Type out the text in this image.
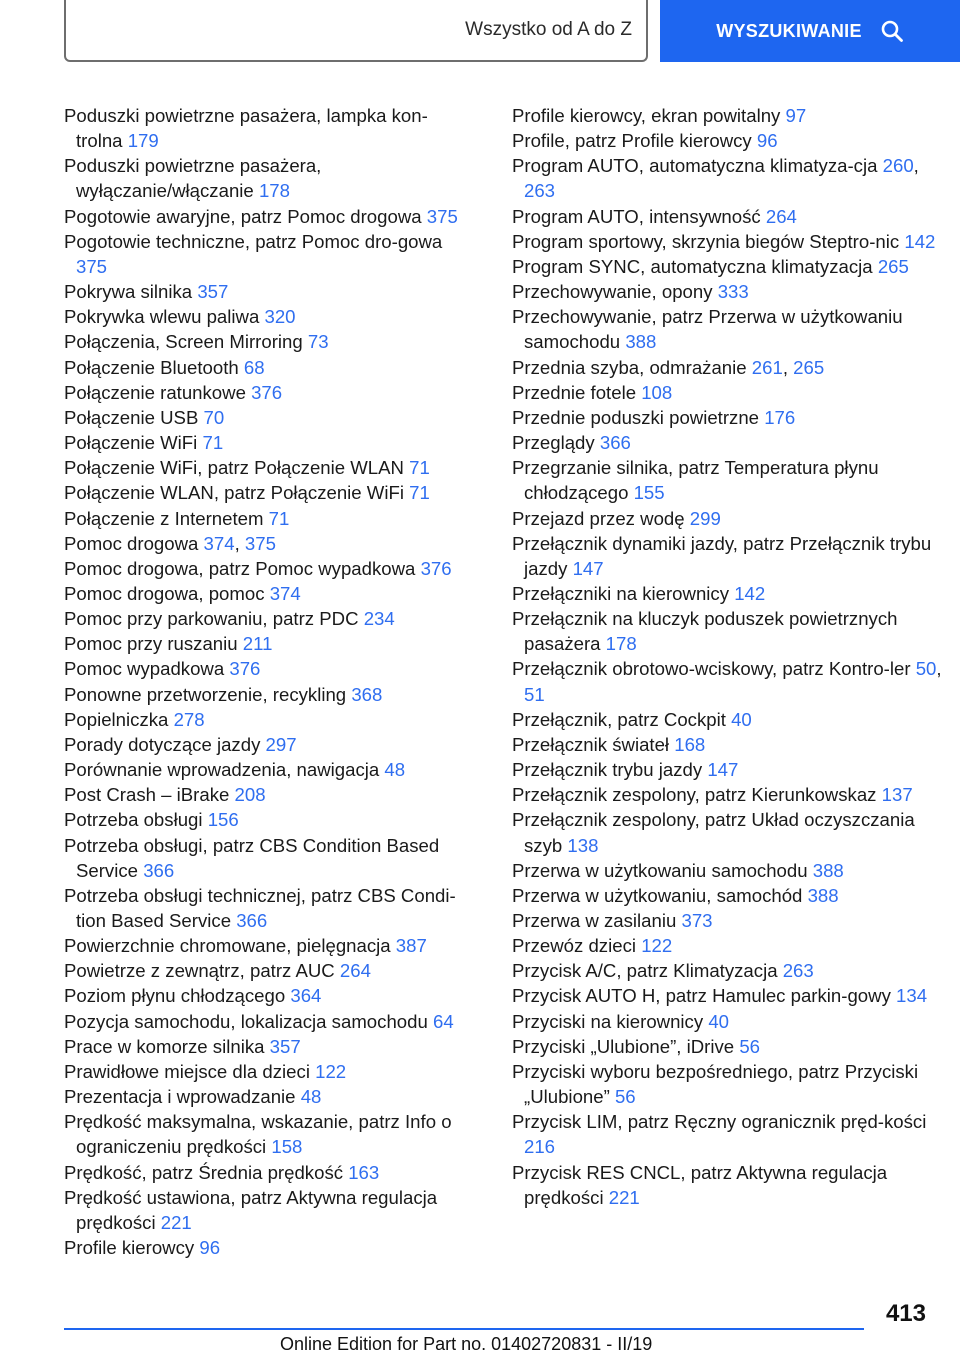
Wszystko od A do Z	WYSZUKIWANIE
Poduszki powietrzne pasażera, lampka kon-trolna 179
Poduszki powietrzne pasażera, wyłączanie/włączanie 178
Pogotowie awaryjne, patrz Pomoc drogowa 375
Pogotowie techniczne, patrz Pomoc dro-gowa 375
Pokrywa silnika 357
Pokrywka wlewu paliwa 320
Połączenia, Screen Mirroring 73
Połączenie Bluetooth 68
Połączenie ratunkowe 376
Połączenie USB 70
Połączenie WiFi 71
Połączenie WiFi, patrz Połączenie WLAN 71
Połączenie WLAN, patrz Połączenie WiFi 71
Połączenie z Internetem 71
Pomoc drogowa 374, 375
Pomoc drogowa, patrz Pomoc wypadkowa 376
Pomoc drogowa, pomoc 374
Pomoc przy parkowaniu, patrz PDC 234
Pomoc przy ruszaniu 211
Pomoc wypadkowa 376
Ponowne przetworzenie, recykling 368
Popielniczka 278
Porady dotyczące jazdy 297
Porównanie wprowadzenia, nawigacja 48
Post Crash – iBrake 208
Potrzeba obsługi 156
Potrzeba obsługi, patrz CBS Condition Based Service 366
Potrzeba obsługi technicznej, patrz CBS Condi-tion Based Service 366
Powierzchnie chromowane, pielęgnacja 387
Powietrze z zewnątrz, patrz AUC 264
Poziom płynu chłodzącego 364
Pozycja samochodu, lokalizacja samochodu 64
Prace w komorze silnika 357
Prawidłowe miejsce dla dzieci 122
Prezentacja i wprowadzanie 48
Prędkość maksymalna, wskazanie, patrz Info o ograniczeniu prędkości 158
Prędkość, patrz Średnia prędkość 163
Prędkość ustawiona, patrz Aktywna regulacja prędkości 221
Profile kierowcy 96
Profile kierowcy, ekran powitalny 97
Profile, patrz Profile kierowcy 96
Program AUTO, automatyczna klimatyza-cja 260, 263
Program AUTO, intensywność 264
Program sportowy, skrzynia biegów Steptro-nic 142
Program SYNC, automatyczna klimatyzacja 265
Przechowywanie, opony 333
Przechowywanie, patrz Przerwa w użytkowaniu samochodu 388
Przednia szyba, odmrażanie 261, 265
Przednie fotele 108
Przednie poduszki powietrzne 176
Przeglądy 366
Przegrzanie silnika, patrz Temperatura płynu chłodzącego 155
Przejazd przez wodę 299
Przełącznik dynamiki jazdy, patrz Przełącznik trybu jazdy 147
Przełączniki na kierownicy 142
Przełącznik na kluczyk poduszek powietrznych pasażera 178
Przełącznik obrotowo-wciskowy, patrz Kontro-ler 50, 51
Przełącznik, patrz Cockpit 40
Przełącznik świateł 168
Przełącznik trybu jazdy 147
Przełącznik zespolony, patrz Kierunkowskaz 137
Przełącznik zespolony, patrz Układ oczyszczania szyb 138
Przerwa w użytkowaniu samochodu 388
Przerwa w użytkowaniu, samochód 388
Przerwa w zasilaniu 373
Przewóz dzieci 122
Przycisk A/C, patrz Klimatyzacja 263
Przycisk AUTO H, patrz Hamulec parkin-gowy 134
Przyciski na kierownicy 40
Przyciski „Ulubione”, iDrive 56
Przyciski wyboru bezpośredniego, patrz Przyciski „Ulubione” 56
Przycisk LIM, patrz Ręczny ogranicznik pręd-kości 216
Przycisk RES CNCL, patrz Aktywna regulacja prędkości 221
413
Online Edition for Part no. 01402720831 - II/19
